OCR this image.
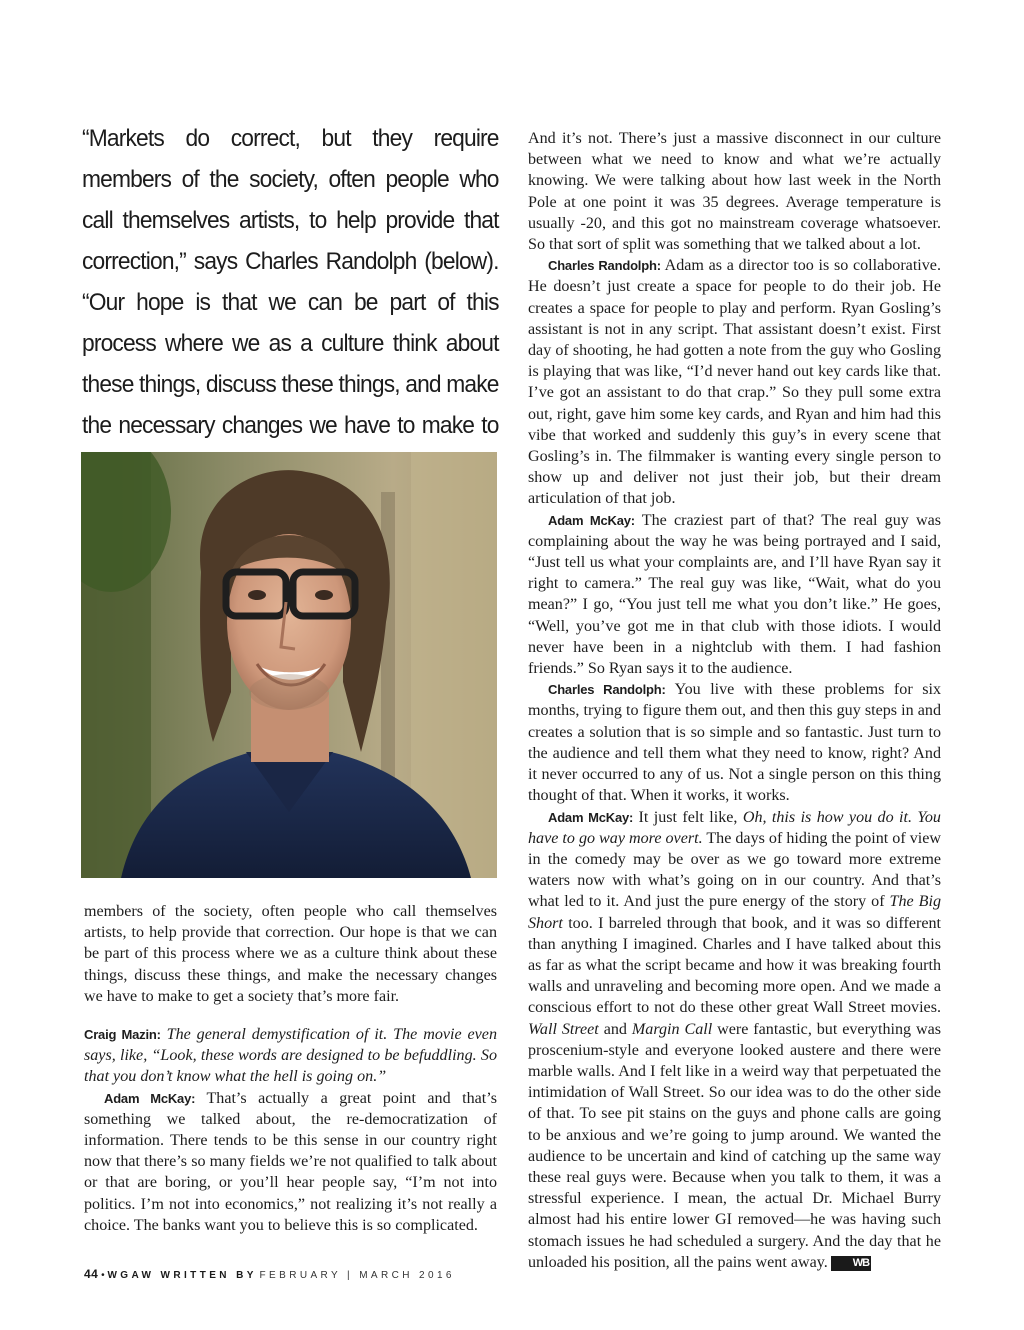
“Markets do correct, but they require members of the society, often people who call themselves artists, to help provide that correction,” says Charles Randolph (below). “Our hope is that we can be part of this process where we as a culture think about these things, discuss these things, and make the necessary changes we have to make to

members of the society, often people who call themselves artists, to help provide that correction. Our hope is that we can be part of this process where we as a culture think about these things, discuss these things, and make the necessary changes we have to make to get a society that’s more fair.

Craig Mazin: The general demystification of it. The movie even says, like, “Look, these words are designed to be befuddling. So that you don’t know what the hell is going on.”

Adam McKay: That’s actually a great point and that’s something we talked about, the re-democratization of information. There tends to be this sense in our country right now that there’s so many fields we’re not qualified to talk about or that are boring, or you’ll hear people say, “I’m not into politics. I’m not into economics,” not realizing it’s not really a choice. The banks want you to believe this is so complicated.

And it’s not. There’s just a massive disconnect in our culture between what we need to know and what we’re actually knowing. We were talking about how last week in the North Pole at one point it was 35 degrees. Average temperature is usually -20, and this got no mainstream coverage whatsoever. So that sort of split was something that we talked about a lot.

Charles Randolph: Adam as a director too is so collaborative. He doesn’t just create a space for people to do their job. He creates a space for people to play and perform. Ryan Gosling’s assistant is not in any script. That assistant doesn’t exist. First day of shooting, he had gotten a note from the guy who Gosling is playing that was like, “I’d never hand out key cards like that. I’ve got an assistant to do that crap.” So they pull some extra out, right, gave him some key cards, and Ryan and him had this vibe that worked and suddenly this guy’s in every scene that Gosling’s in. The filmmaker is wanting every single person to show up and deliver not just their job, but their dream articulation of that job.

Adam McKay: The craziest part of that? The real guy was complaining about the way he was being portrayed and I said, “Just tell us what your complaints are, and I’ll have Ryan say it right to camera.” The real guy was like, “Wait, what do you mean?” I go, “You just tell me what you don’t like.” He goes, “Well, you’ve got me in that club with those idiots. I would never have been in a nightclub with them. I had fashion friends.” So Ryan says it to the audience.

Charles Randolph: You live with these problems for six months, trying to figure them out, and then this guy steps in and creates a solution that is so simple and so fantastic. Just turn to the audience and tell them what they need to know, right? And it never occurred to any of us. Not a single person on this thing thought of that. When it works, it works.

Adam McKay: It just felt like, Oh, this is how you do it. You have to go way more overt. The days of hiding the point of view in the comedy may be over as we go toward more extreme waters now with what’s going on in our country. And that’s what led to it. And just the pure energy of the story of The Big Short too. I barreled through that book, and it was so different than anything I imagined. Charles and I have talked about this as far as what the script became and how it was breaking fourth walls and unraveling and becoming more open. And we made a conscious effort to not do these other great Wall Street movies. Wall Street and Margin Call were fantastic, but everything was proscenium-style and everyone looked austere and there were marble walls. And I felt like in a weird way that perpetuated the intimidation of Wall Street. So our idea was to do the other side of that. To see pit stains on the guys and phone calls are going to be anxious and we’re going to jump around. We wanted the audience to be uncertain and kind of catching up the same way these real guys were. Because when you talk to them, it was a stressful experience. I mean, the actual Dr. Michael Burry almost had his entire lower GI removed—he was having such stomach issues he had scheduled a surgery. And the day that he unloaded his position, all the pains went away. WB

44 • WGAW WRITTEN BY FEBRUARY | MARCH 2016
